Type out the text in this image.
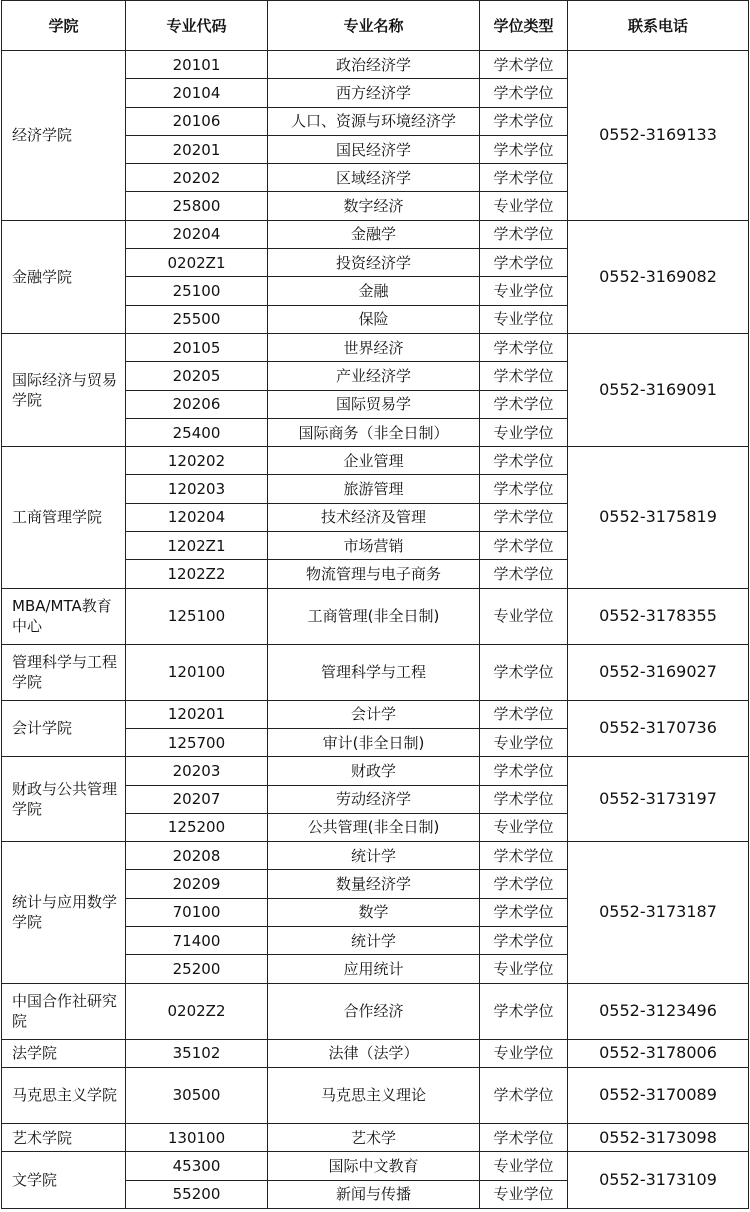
学院	专业代码	专业名称	学位类型	联系电话
经济学院	20101	政治经济学	学术学位	0552-3169133
	20104	西方经济学	学术学位	
	20106	人口、资源与环境经济学	学术学位	
	20201	国民经济学	学术学位	
	20202	区域经济学	学术学位	
	25800	数字经济	专业学位	
金融学院	20204	金融学	学术学位	0552-3169082
	0202Z1	投资经济学	学术学位	
	25100	金融	专业学位	
	25500	保险	专业学位	
国际经济与贸易学院	20105	世界经济	学术学位	0552-3169091
	20205	产业经济学	学术学位	
	20206	国际贸易学	学术学位	
	25400	国际商务（非全日制）	专业学位	
工商管理学院	120202	企业管理	学术学位	0552-3175819
	120203	旅游管理	学术学位	
	120204	技术经济及管理	学术学位	
	1202Z1	市场营销	学术学位	
	1202Z2	物流管理与电子商务	学术学位	
MBA/MTA教育中心	125100	工商管理(非全日制)	专业学位	0552-3178355
管理科学与工程学院	120100	管理科学与工程	学术学位	0552-3169027
会计学院	120201	会计学	学术学位	0552-3170736
	125700	审计(非全日制)	专业学位	
财政与公共管理学院	20203	财政学	学术学位	0552-3173197
	20207	劳动经济学	学术学位	
	125200	公共管理(非全日制)	专业学位	
统计与应用数学学院	20208	统计学	学术学位	0552-3173187
	20209	数量经济学	学术学位	
	70100	数学	学术学位	
	71400	统计学	学术学位	
	25200	应用统计	专业学位	
中国合作社研究院	0202Z2	合作经济	学术学位	0552-3123496
法学院	35102	法律（法学）	专业学位	0552-3178006
马克思主义学院	30500	马克思主义理论	学术学位	0552-3170089
艺术学院	130100	艺术学	学术学位	0552-3173098
文学院	45300	国际中文教育	专业学位	0552-3173109
	55200	新闻与传播	专业学位	
